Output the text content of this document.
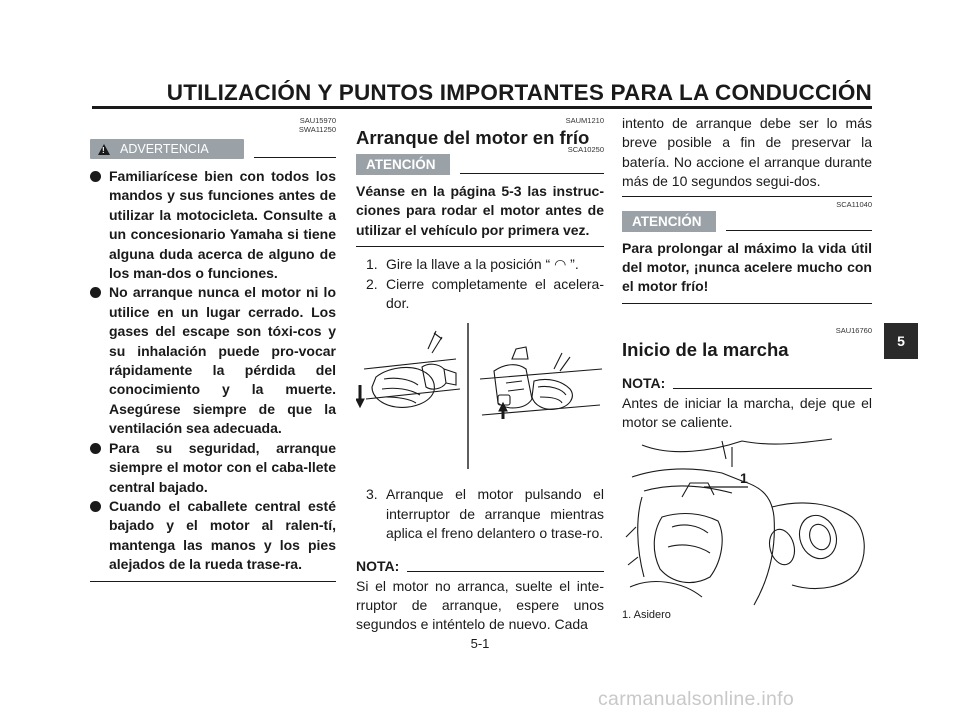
UTILIZACIÓN Y PUNTOS IMPORTANTES PARA LA CONDUCCIÓN
SAU15970
SWA11250
! ADVERTENCIA
Familiarícese bien con todos los mandos y sus funciones antes de utilizar la motocicleta. Consulte a un concesionario Yamaha si tiene alguna duda acerca de alguno de los man-dos o funciones.
No arranque nunca el motor ni lo utilice en un lugar cerrado. Los gases del escape son tóxi-cos y su inhalación puede pro-vocar rápidamente la pérdida del conocimiento y la muerte. Asegúrese siempre de que la ventilación sea adecuada.
Para su seguridad, arranque siempre el motor con el caba-llete central bajado.
Cuando el caballete central esté bajado y el motor al ralen-tí, mantenga las manos y los pies alejados de la rueda trase-ra.
SAUM1210
Arranque del motor en frío
SCA10250
ATENCIÓN
Véanse en la página 5-3 las instruc-ciones para rodar el motor antes de utilizar el vehículo por primera vez.
1. Gire la llave a la posición “ ◠ ”.
2. Cierre completamente el acelera-dor.
3. Arranque el motor pulsando el interruptor de arranque mientras aplica el freno delantero o trase-ro.
NOTA:
Si el motor no arranca, suelte el inte-rruptor de arranque, espere unos segundos e inténtelo de nuevo. Cada
intento de arranque debe ser lo más breve posible a fin de preservar la batería. No accione el arranque durante más de 10 segundos segui-dos.
SCA11040
ATENCIÓN
Para prolongar al máximo la vida útil del motor, ¡nunca acelere mucho con el motor frío!
SAU16760
Inicio de la marcha
NOTA:
Antes de iniciar la marcha, deje que el motor se caliente.
1
1. Asidero
5-1
5
carmanualsonline.info
